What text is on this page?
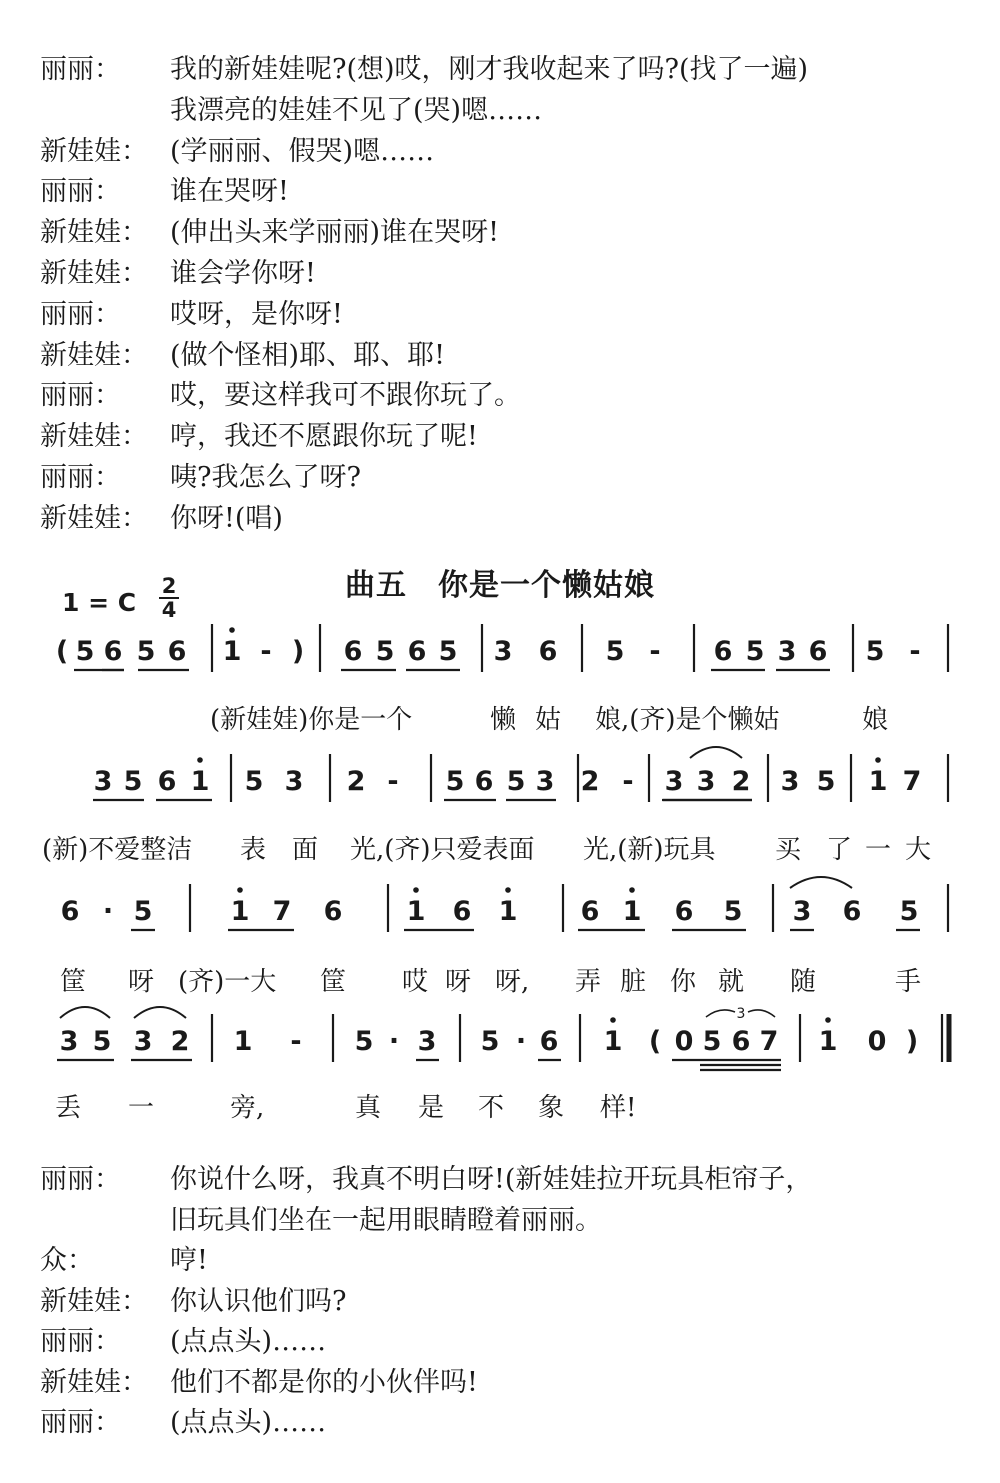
丽丽： 我的新娃娃呢?(想)哎，刚才我收起来了吗?(找了一遍)
我漂亮的娃娃不见了(哭)嗯……
新娃娃： (学丽丽、假哭)嗯……
丽丽： 谁在哭呀!
新娃娃： (伸出头来学丽丽)谁在哭呀!
新娃娃： 谁会学你呀!
丽丽： 哎呀，是你呀!
新娃娃： (做个怪相)耶、耶、耶!
丽丽： 哎，要这样我可不跟你玩了。
新娃娃： 哼，我还不愿跟你玩了呢!
丽丽： 咦?我怎么了呀?
新娃娃： 你呀!(唱)
1 = C
2
4
曲五　你是一个懒姑娘
( 5 6 5 6 1 - ) 6 5 6 5 3 6 5 - 6 5 3 6 5 -
(新娃娃)你是一个	懒 姑 娘,(齐)是个懒姑	娘
3 5 6 1 5 3 2 - 5 6 5 3 2 - 3 3 2 3 5 1 7
(新)不爱整洁 表 面 光,(齐)只爱表面 光,(新)玩具 买 了 一 大
6 · 5	1 7 6 1 6 1 6 1 6 5 3 6 5
筐 呀 (齐)一大 筐 哎 呀 呀, 弄 脏 你 就 随	手
3 5 3 2 1 - 5 · 3 5 · 6 1 ( 0 5 6 7 1 0 )
丢 一	旁,	真 是 不 象 样!
3
丽丽： 你说什么呀，我真不明白呀!(新娃娃拉开玩具柜帘子，
旧玩具们坐在一起用眼睛瞪着丽丽。
众：	哼!
新娃娃： 你认识他们吗?
丽丽： (点点头)……
新娃娃： 他们不都是你的小伙伴吗!
丽丽： (点点头)……
